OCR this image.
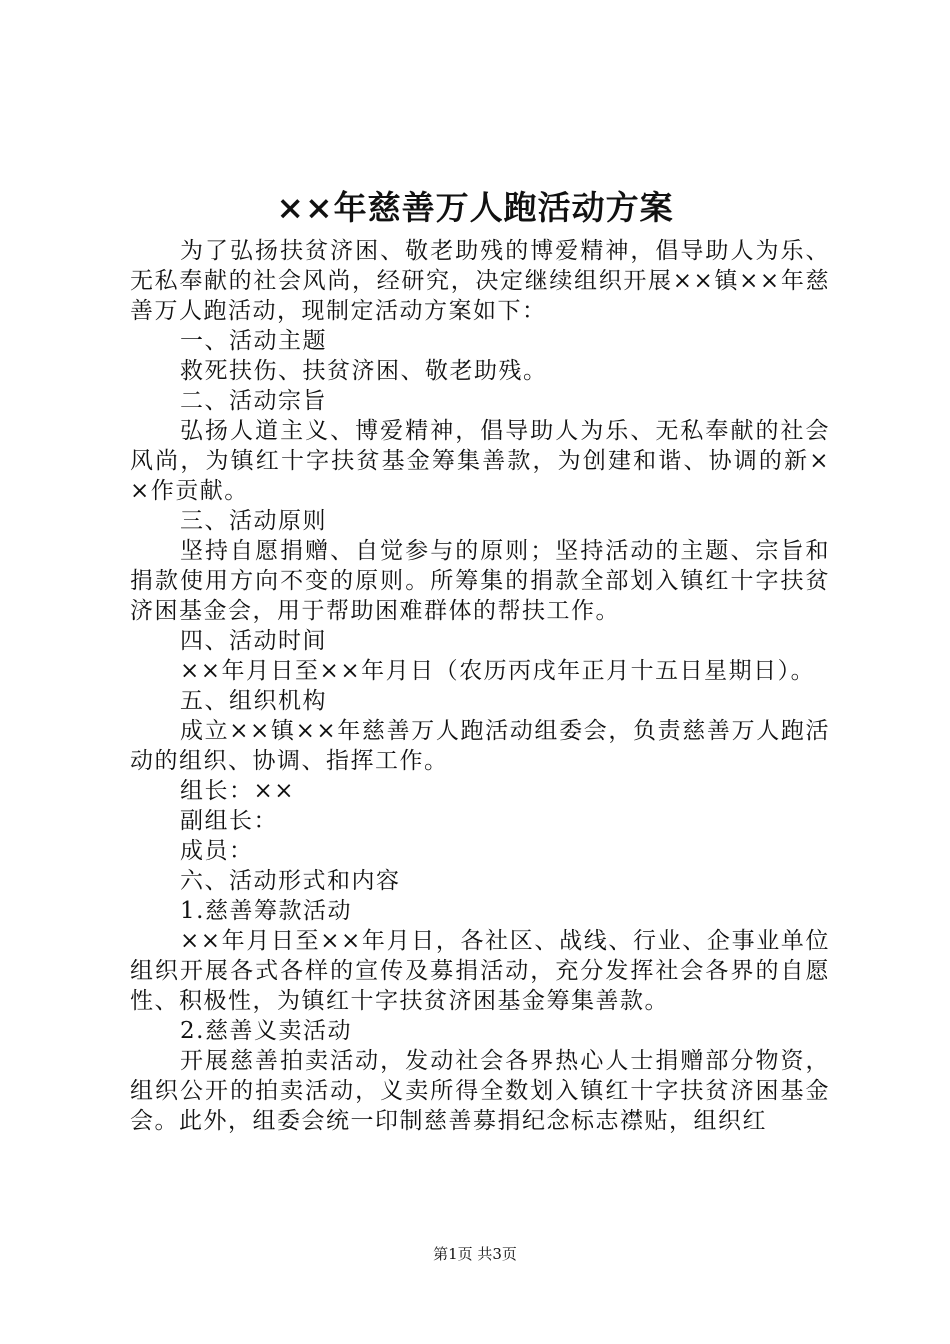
××年慈善万人跑活动方案

为了弘扬扶贫济困、敬老助残的博爱精神，倡导助人为乐、无私奉献的社会风尚，经研究，决定继续组织开展××镇××年慈善万人跑活动，现制定活动方案如下：

一、活动主题

救死扶伤、扶贫济困、敬老助残。

二、活动宗旨

弘扬人道主义、博爱精神，倡导助人为乐、无私奉献的社会风尚，为镇红十字扶贫基金筹集善款，为创建和谐、协调的新××作贡献。

三、活动原则

坚持自愿捐赠、自觉参与的原则；坚持活动的主题、宗旨和捐款使用方向不变的原则。所筹集的捐款全部划入镇红十字扶贫济困基金会，用于帮助困难群体的帮扶工作。

四、活动时间

××年月日至××年月日（农历丙戌年正月十五日星期日）。

五、组织机构

成立××镇××年慈善万人跑活动组委会，负责慈善万人跑活动的组织、协调、指挥工作。

组长：××

副组长：

成员：

六、活动形式和内容

1.慈善筹款活动

××年月日至××年月日，各社区、战线、行业、企事业单位组织开展各式各样的宣传及募捐活动，充分发挥社会各界的自愿性、积极性，为镇红十字扶贫济困基金筹集善款。

2.慈善义卖活动

开展慈善拍卖活动，发动社会各界热心人士捐赠部分物资，组织公开的拍卖活动，义卖所得全数划入镇红十字扶贫济困基金会。此外，组委会统一印制慈善募捐纪念标志襟贴，组织红

第1页 共3页
